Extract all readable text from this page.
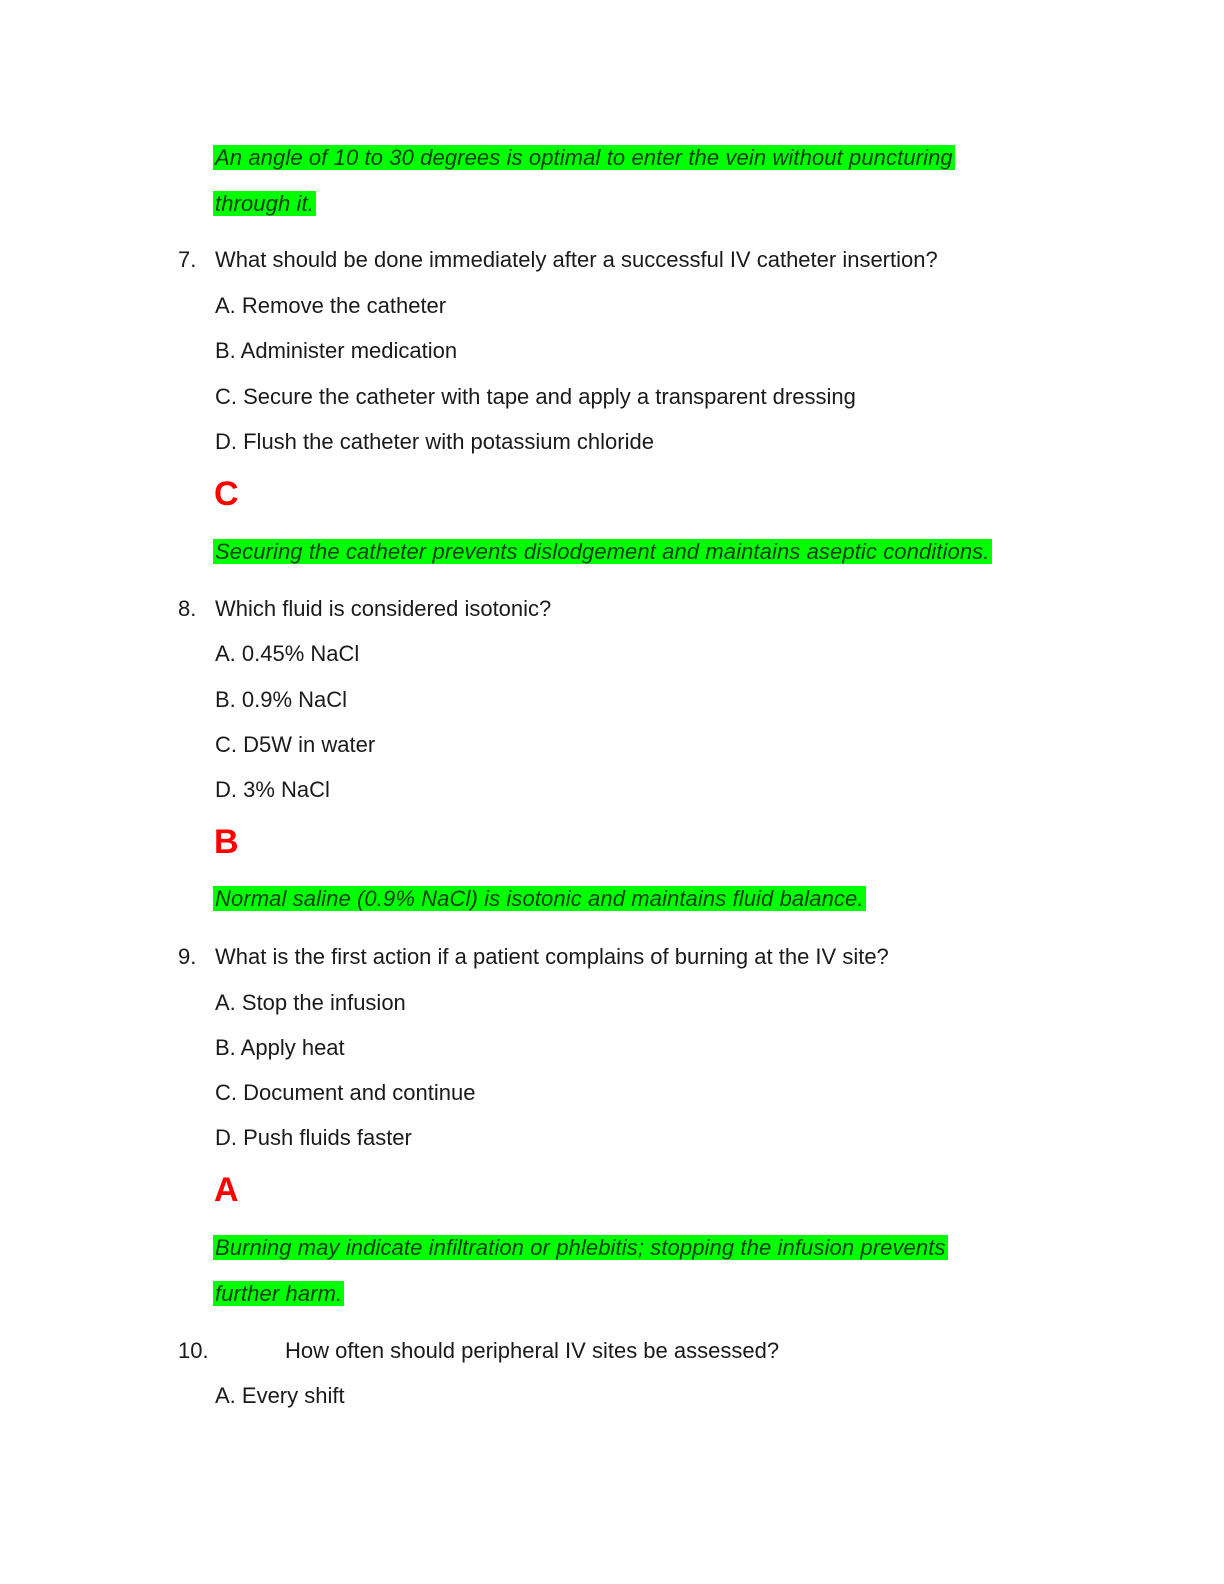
An angle of 10 to 30 degrees is optimal to enter the vein without puncturing
through it.
7. What should be done immediately after a successful IV catheter insertion?
A. Remove the catheter
B. Administer medication
C. Secure the catheter with tape and apply a transparent dressing
D. Flush the catheter with potassium chloride
C
Securing the catheter prevents dislodgement and maintains aseptic conditions.
8. Which fluid is considered isotonic?
A. 0.45% NaCl
B. 0.9% NaCl
C. D5W in water
D. 3% NaCl
B
Normal saline (0.9% NaCl) is isotonic and maintains fluid balance.
9. What is the first action if a patient complains of burning at the IV site?
A. Stop the infusion
B. Apply heat
C. Document and continue
D. Push fluids faster
A
Burning may indicate infiltration or phlebitis; stopping the infusion prevents
further harm.
10.	How often should peripheral IV sites be assessed?
A. Every shift
